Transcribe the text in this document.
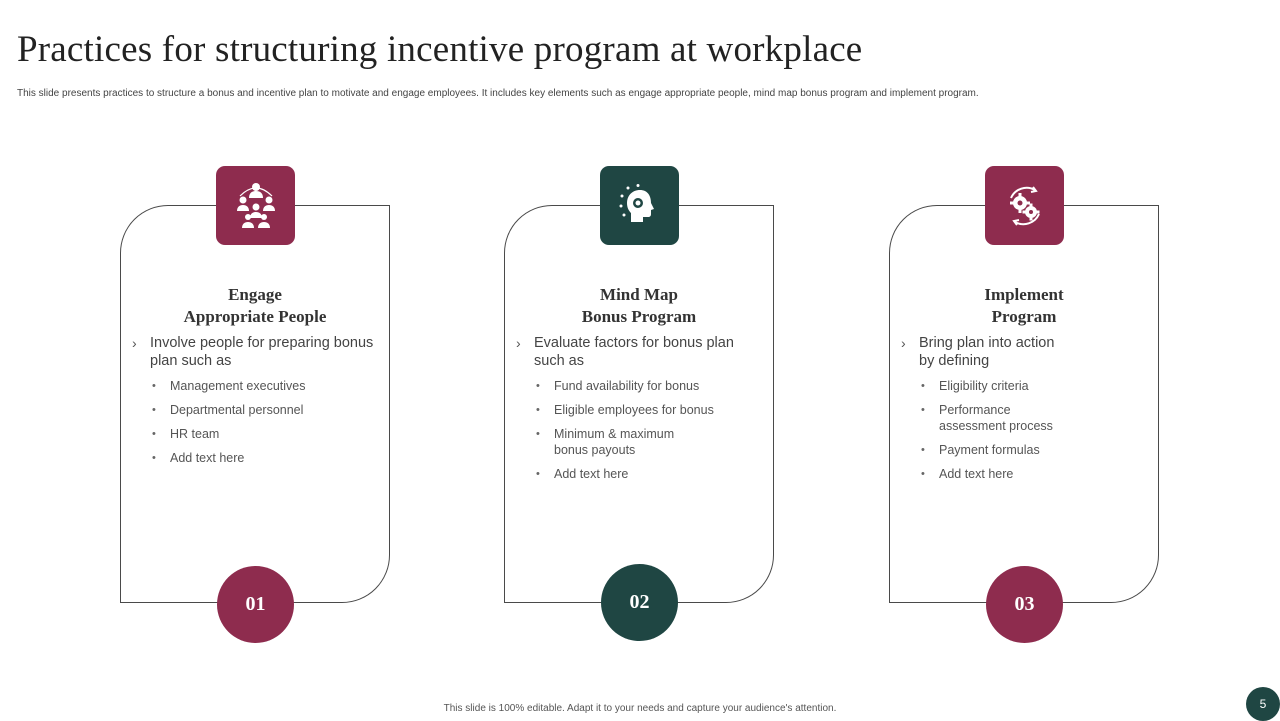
Practices for structuring incentive program at workplace
This slide presents practices to structure a bonus and incentive plan to motivate and engage employees. It includes key elements such as engage appropriate people, mind map bonus program and implement program.
Engage
Appropriate People
› Involve people for preparing bonus plan such as
• Management executives
• Departmental personnel
• HR team
• Add text here
01
Mind Map
Bonus Program
› Evaluate factors for bonus plan such as
• Fund availability for bonus
• Eligible employees for bonus
• Minimum & maximum bonus payouts
• Add text here
02
Implement
Program
› Bring plan into action by defining
• Eligibility criteria
• Performance assessment process
• Payment formulas
• Add text here
03
This slide is 100% editable. Adapt it to your needs and capture your audience's attention.	5
